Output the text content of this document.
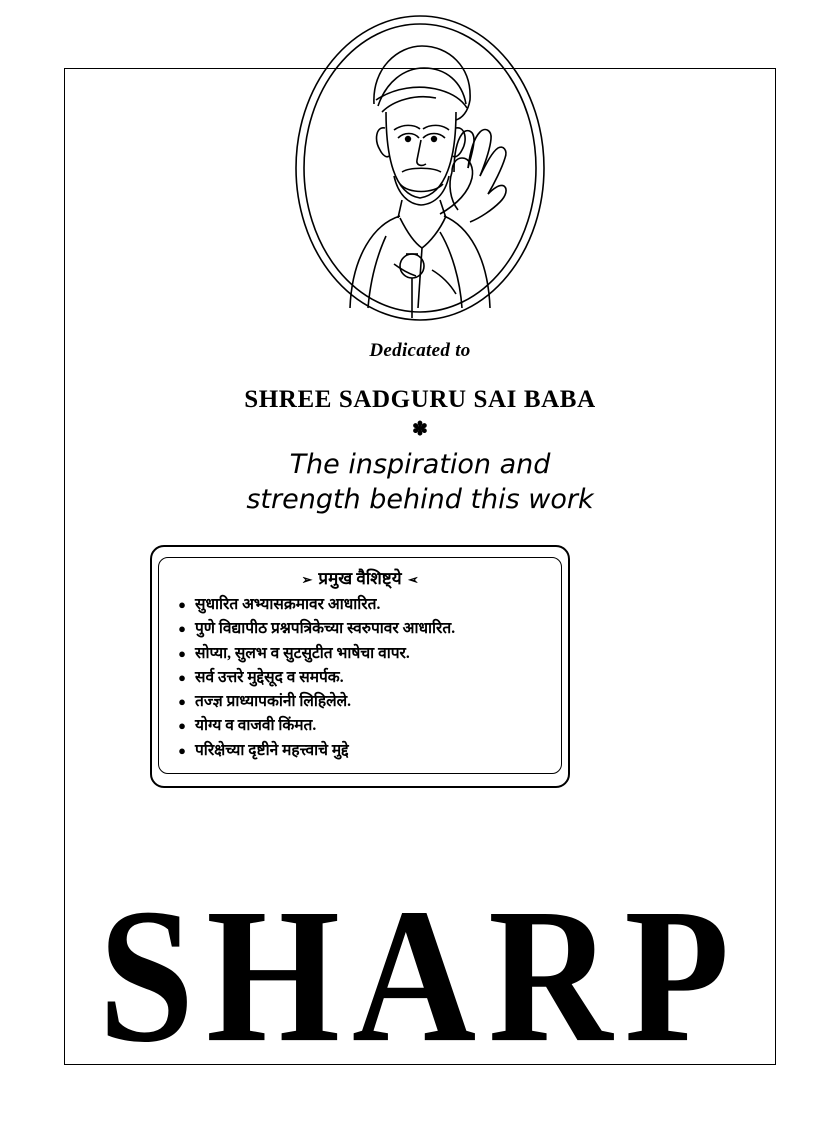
Dedicated to
SHREE SADGURU SAI BABA
✽
The inspiration and
strength behind this work
➢ प्रमुख वैशिष्ट्ये ➢
● सुधारित अभ्यासक्रमावर आधारित.
● पुणे विद्यापीठ प्रश्नपत्रिकेच्या स्वरुपावर आधारित.
● सोप्या, सुलभ व सुटसुटीत भाषेचा वापर.
● सर्व उत्तरे मुद्देसूद व समर्पक.
● तज्ज्ञ प्राध्यापकांनी लिहिलेले.
● योग्य व वाजवी किंमत.
● परिक्षेच्या दृष्टीने महत्त्वाचे मुद्दे
SHARP
